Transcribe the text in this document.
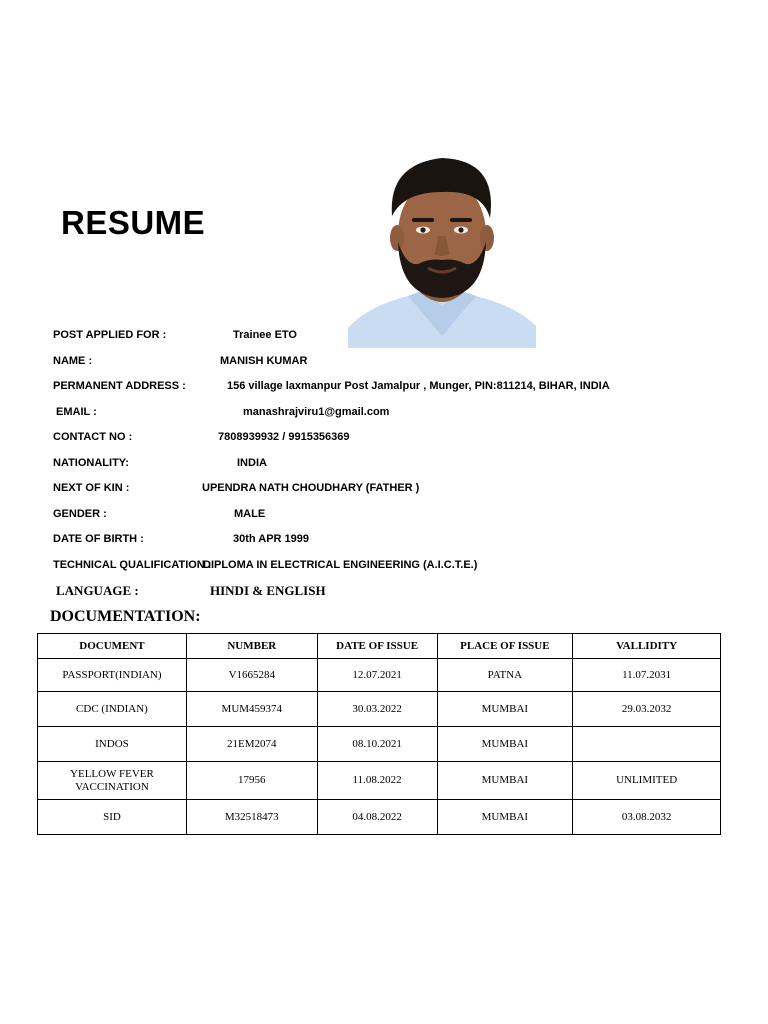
RESUME
POST APPLIED FOR :	Trainee ETO
NAME :	MANISH KUMAR
PERMANENT ADDRESS :	156 village laxmanpur Post Jamalpur , Munger, PIN:811214, BIHAR, INDIA
EMAIL :	manashrajviru1@gmail.com
CONTACT NO :	7808939932 / 9915356369
NATIONALITY:	INDIA
NEXT OF KIN :	UPENDRA NATH CHOUDHARY (FATHER )
GENDER :	MALE
DATE OF BIRTH :	30th APR 1999
TECHNICAL QUALIFICATION :
DIPLOMA IN ELECTRICAL ENGINEERING (A.I.C.T.E.)
LANGUAGE :	HINDI & ENGLISH
DOCUMENTATION:
DOCUMENT	NUMBER	DATE OF ISSUE	PLACE OF ISSUE	VALLIDITY
PASSPORT(INDIAN)	V1665284	12.07.2021	PATNA	11.07.2031
CDC (INDIAN)	MUM459374	30.03.2022	MUMBAI	29.03.2032
INDOS	21EM2074	08.10.2021	MUMBAI	
YELLOW FEVER VACCINATION	17956	11.08.2022	MUMBAI	UNLIMITED
SID	M32518473	04.08.2022	MUMBAI	03.08.2032
